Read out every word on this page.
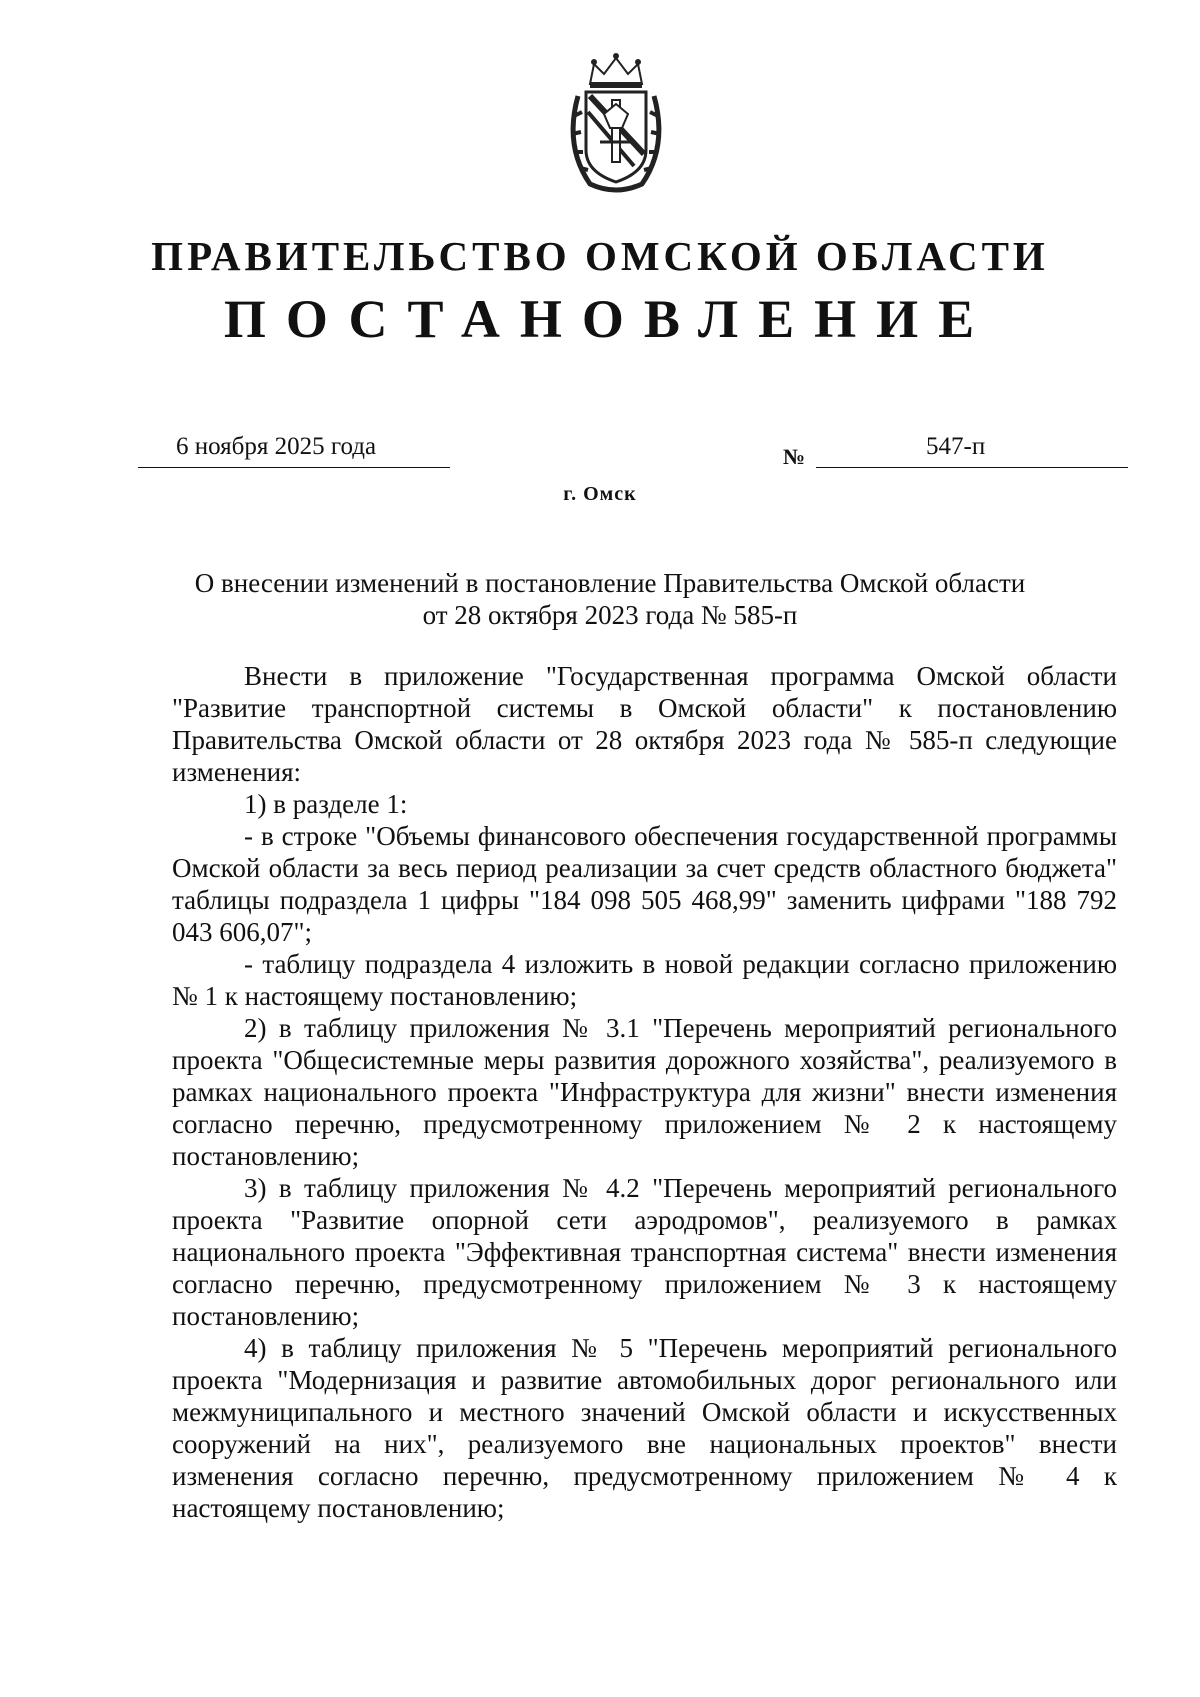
ПРАВИТЕЛЬСТВО ОМСКОЙ ОБЛАСТИ
ПОСТАНОВЛЕНИЕ
6 ноября 2025 года	№	547-п
г. Омск
О внесении изменений в постановление Правительства Омской области
от 28 октября 2023 года № 585-п

Внести в приложение "Государственная программа Омской области "Развитие транспортной системы в Омской области" к постановлению Правительства Омской области от 28 октября 2023 года № 585-п следующие изменения:

1) в разделе 1:

- в строке "Объемы финансового обеспечения государственной программы Омской области за весь период реализации за счет средств областного бюджета" таблицы подраздела 1 цифры "184 098 505 468,99" заменить цифрами "188 792 043 606,07";

- таблицу подраздела 4 изложить в новой редакции согласно приложению № 1 к настоящему постановлению;

2) в таблицу приложения № 3.1 "Перечень мероприятий регионального проекта "Общесистемные меры развития дорожного хозяйства", реализуемого в рамках национального проекта "Инфраструктура для жизни" внести изменения согласно перечню, предусмотренному приложением № 2 к настоящему постановлению;

3) в таблицу приложения № 4.2 "Перечень мероприятий регионального проекта "Развитие опорной сети аэродромов", реализуемого в рамках национального проекта "Эффективная транспортная система" внести изменения согласно перечню, предусмотренному приложением № 3 к настоящему постановлению;

4) в таблицу приложения № 5 "Перечень мероприятий регионального проекта "Модернизация и развитие автомобильных дорог регионального или межмуниципального и местного значений Омской области и искусственных сооружений на них", реализуемого вне национальных проектов" внести изменения согласно перечню, предусмотренному приложением № 4 к настоящему постановлению;
